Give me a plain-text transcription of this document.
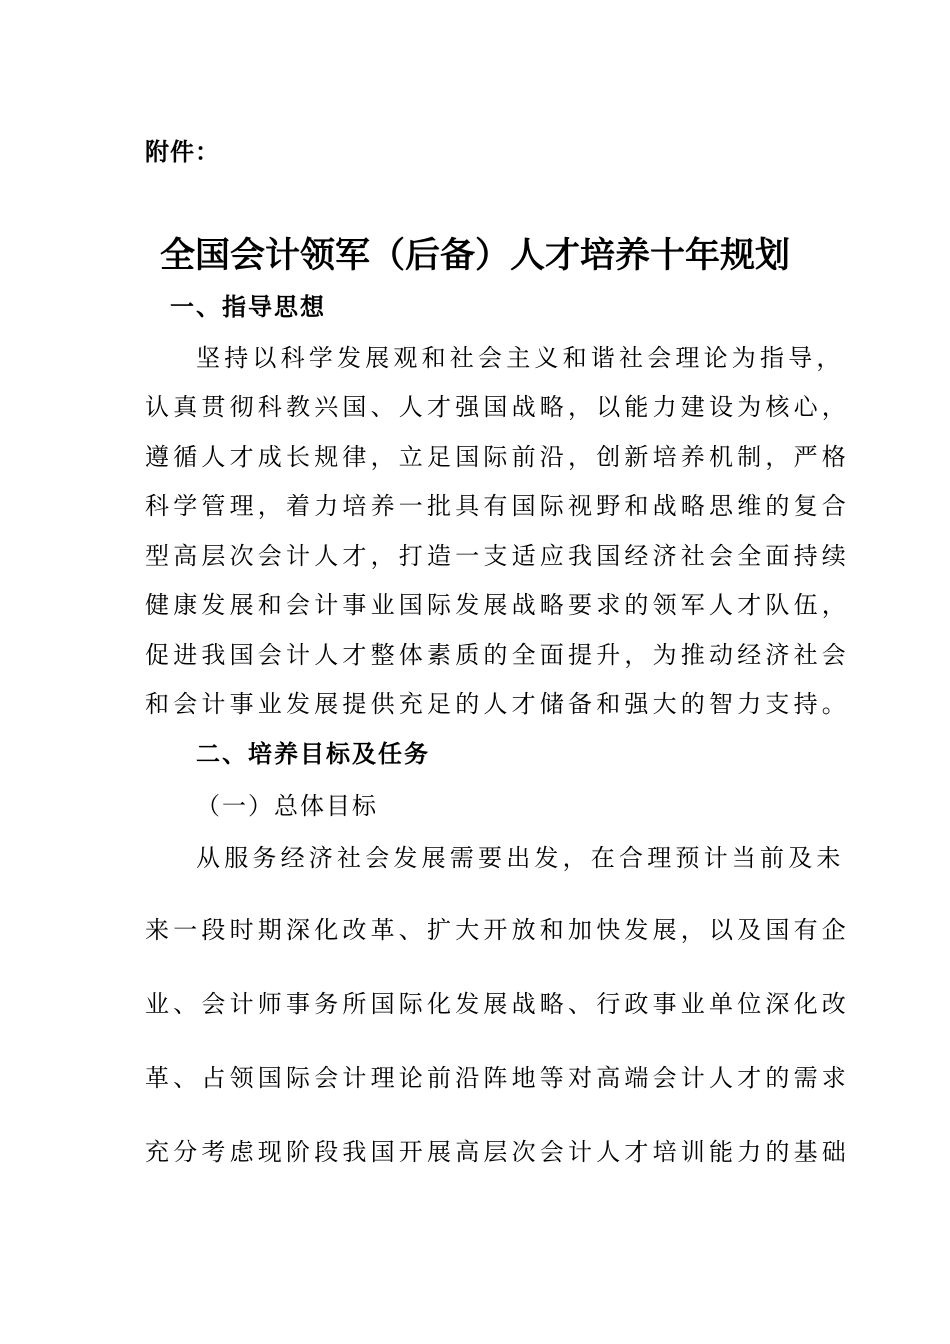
附件：
全国会计领军（后备）人才培养十年规划
一、指导思想
坚持以科学发展观和社会主义和谐社会理论为指导，
认真贯彻科教兴国、人才强国战略，以能力建设为核心，
遵循人才成长规律，立足国际前沿，创新培养机制，严格
科学管理，着力培养一批具有国际视野和战略思维的复合
型高层次会计人才，打造一支适应我国经济社会全面持续
健康发展和会计事业国际发展战略要求的领军人才队伍，
促进我国会计人才整体素质的全面提升，为推动经济社会
和会计事业发展提供充足的人才储备和强大的智力支持。
二、培养目标及任务
（一）总体目标
从服务经济社会发展需要出发，在合理预计当前及未
来一段时期深化改革、扩大开放和加快发展，以及国有企
业、会计师事务所国际化发展战略、行政事业单位深化改
革、占领国际会计理论前沿阵地等对高端会计人才的需求
充分考虑现阶段我国开展高层次会计人才培训能力的基础
